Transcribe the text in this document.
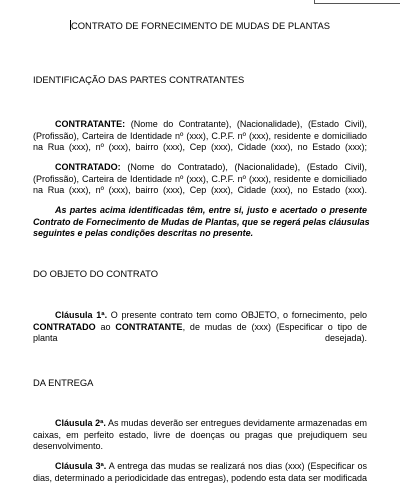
CONTRATO DE FORNECIMENTO DE MUDAS DE PLANTAS
IDENTIFICAÇÃO DAS PARTES CONTRATANTES
CONTRATANTE: (Nome do Contratante), (Nacionalidade), (Estado Civil),
(Profissão), Carteira de Identidade nº (xxx), C.P.F. nº (xxx), residente e domiciliado
na Rua (xxx), nº (xxx), bairro (xxx), Cep (xxx), Cidade (xxx), no Estado (xxx);
CONTRATADO: (Nome do Contratado), (Nacionalidade), (Estado Civil),
(Profissão), Carteira de Identidade nº (xxx), C.P.F. nº (xxx), residente e domiciliado
na Rua (xxx), nº (xxx), bairro (xxx), Cep (xxx), Cidade (xxx), no Estado (xxx).
As partes acima identificadas têm, entre si, justo e acertado o presente
Contrato de Fornecimento de Mudas de Plantas, que se regerá pelas cláusulas
seguintes e pelas condições descritas no presente.
DO OBJETO DO CONTRATO
Cláusula 1ª. O presente contrato tem como OBJETO, o fornecimento, pelo
CONTRATADO ao CONTRATANTE, de mudas de (xxx) (Especificar o tipo de
planta	desejada).
DA ENTREGA
Cláusula 2ª. As mudas deverão ser entregues devidamente armazenadas em
caixas, em perfeito estado, livre de doenças ou pragas que prejudiquem seu
desenvolvimento.
Cláusula 3ª. A entrega das mudas se realizará nos dias (xxx) (Especificar os
dias, determinado a periodicidade das entregas), podendo esta data ser modificada
